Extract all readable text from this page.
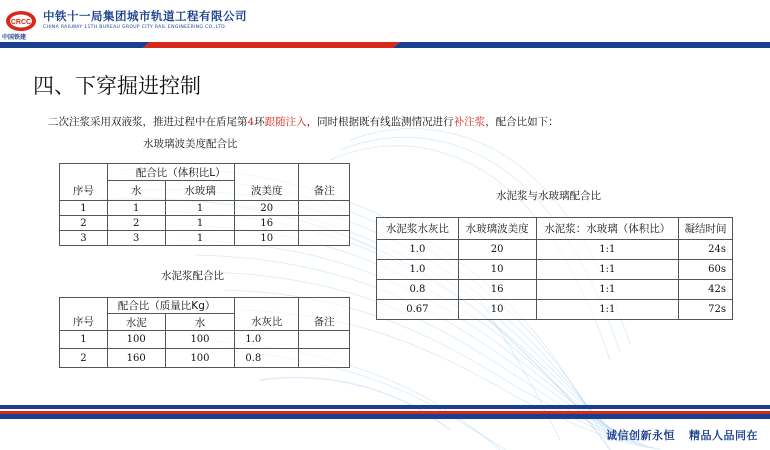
CRCC
中国铁建
中铁十一局集团城市轨道工程有限公司
CHINA RAILWAY 11TH BUREAU GROUP CITY RAIL ENGINEERING CO.,LTD.
四、下穿掘进控制
二次注浆采用双液浆，推进过程中在盾尾第4环跟随注入，同时根据既有线监测情况进行补注浆，配合比如下：
水玻璃波美度配合比
	配合比（体积比L）			
序号	水	水玻璃	波美度	备注
1	1	1	20	
2	2	1	16	
3	3	1	10	
水泥浆配合比
	配合比（质量比Kg）			
序号	水泥	水	水灰比	备注
1	100	100	1.0	
2	160	100	0.8	
水泥浆与水玻璃配合比
水泥浆水灰比	水玻璃波美度	水泥浆：水玻璃（体积比）	凝结时间
1.0	20	1:1	24s
1.0	10	1:1	60s
0.8	16	1:1	42s
0.67	10	1:1	72s
诚信创新永恒 精品人品同在
